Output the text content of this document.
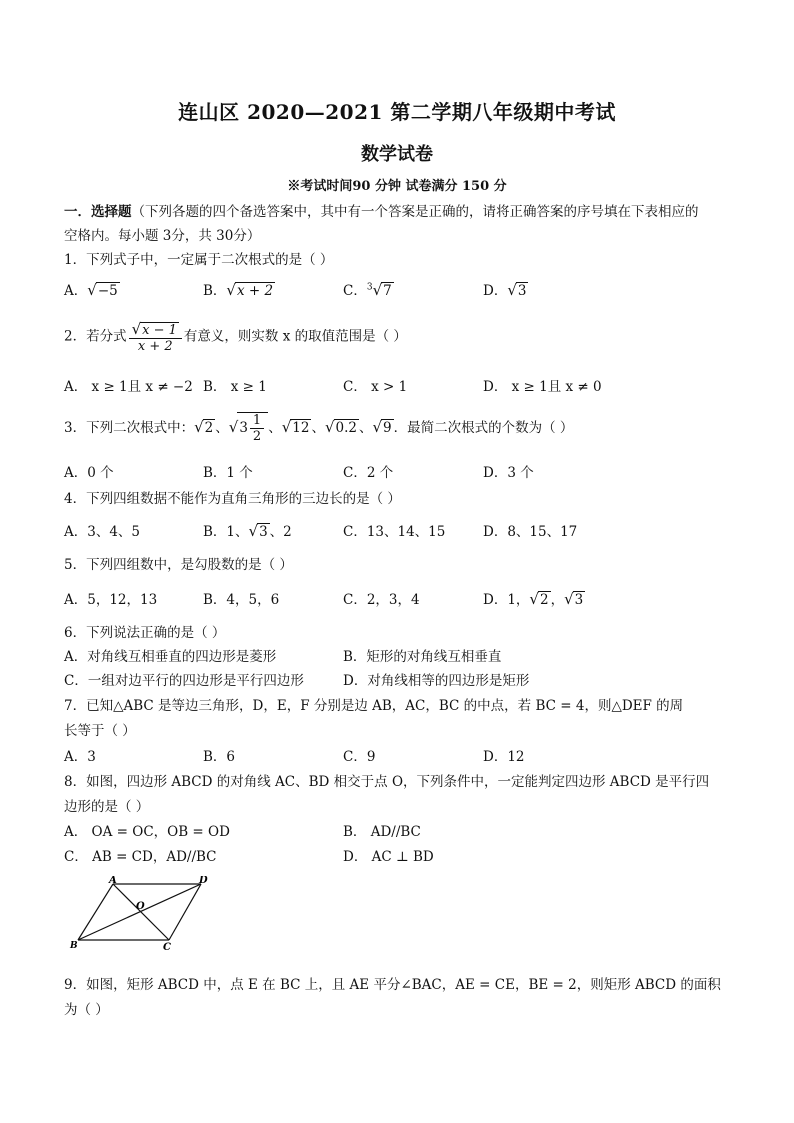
连山区 2020—2021 第二学期八年级期中考试
数学试卷
※考试时间90 分钟 试卷满分 150 分
一．选择题（下列各题的四个备选答案中，其中有一个答案是正确的，请将正确答案的序号填在下表相应的
空格内。每小题 3分，共 30分）
1．下列式子中，一定属于二次根式的是（ ）
A．√−5	B．√x + 2	C．$^3$√7	D．√3
2．若分式 $\frac{√x - 1}{x + 2}$ 有意义，则实数 x 的取值范围是（ ）
A． x ≥ 1且 x ≠ −2 B． x ≥ 1	C． x > 1	D． x ≥ 1且 x ≠ 0
3．下列二次根式中：√2 、$√3 \frac{1}{2}$ 、√12 、√0.2 、√9 ．最简二次根式的个数为（ ）
A．0 个	B．1 个	C．2 个	D．3 个
4．下列四组数据不能作为直角三角形的三边长的是（ ）
A．3、4、5	B．1、√3 、2	C．13、14、15	D．8、15、17
5．下列四组数中，是勾股数的是（ ）
A．5，12，13	B．4，5，6	C．2，3，4	D．1，√2 ，√3
6．下列说法正确的是（ ）
A．对角线互相垂直的四边形是菱形	B．矩形的对角线互相垂直
C．一组对边平行的四边形是平行四边形	D．对角线相等的四边形是矩形
7．已知△ABC 是等边三角形，D，E，F 分别是边 AB，AC，BC 的中点，若 BC = 4，则△DEF 的周
长等于（ ）
A．3	B．6	C．9	D．12
8．如图，四边形 ABCD 的对角线 AC、BD 相交于点 O，下列条件中，一定能判定四边形 ABCD 是平行四
边形的是（ ）
A． OA = OC，OB = OD	B． AD//BC
C． AB = CD，AD//BC	D． AC ⊥ BD
A	D
B	C
O
9．如图，矩形 ABCD 中，点 E 在 BC 上，且 AE 平分∠BAC，AE = CE，BE = 2，则矩形 ABCD 的面积
为（ ）
